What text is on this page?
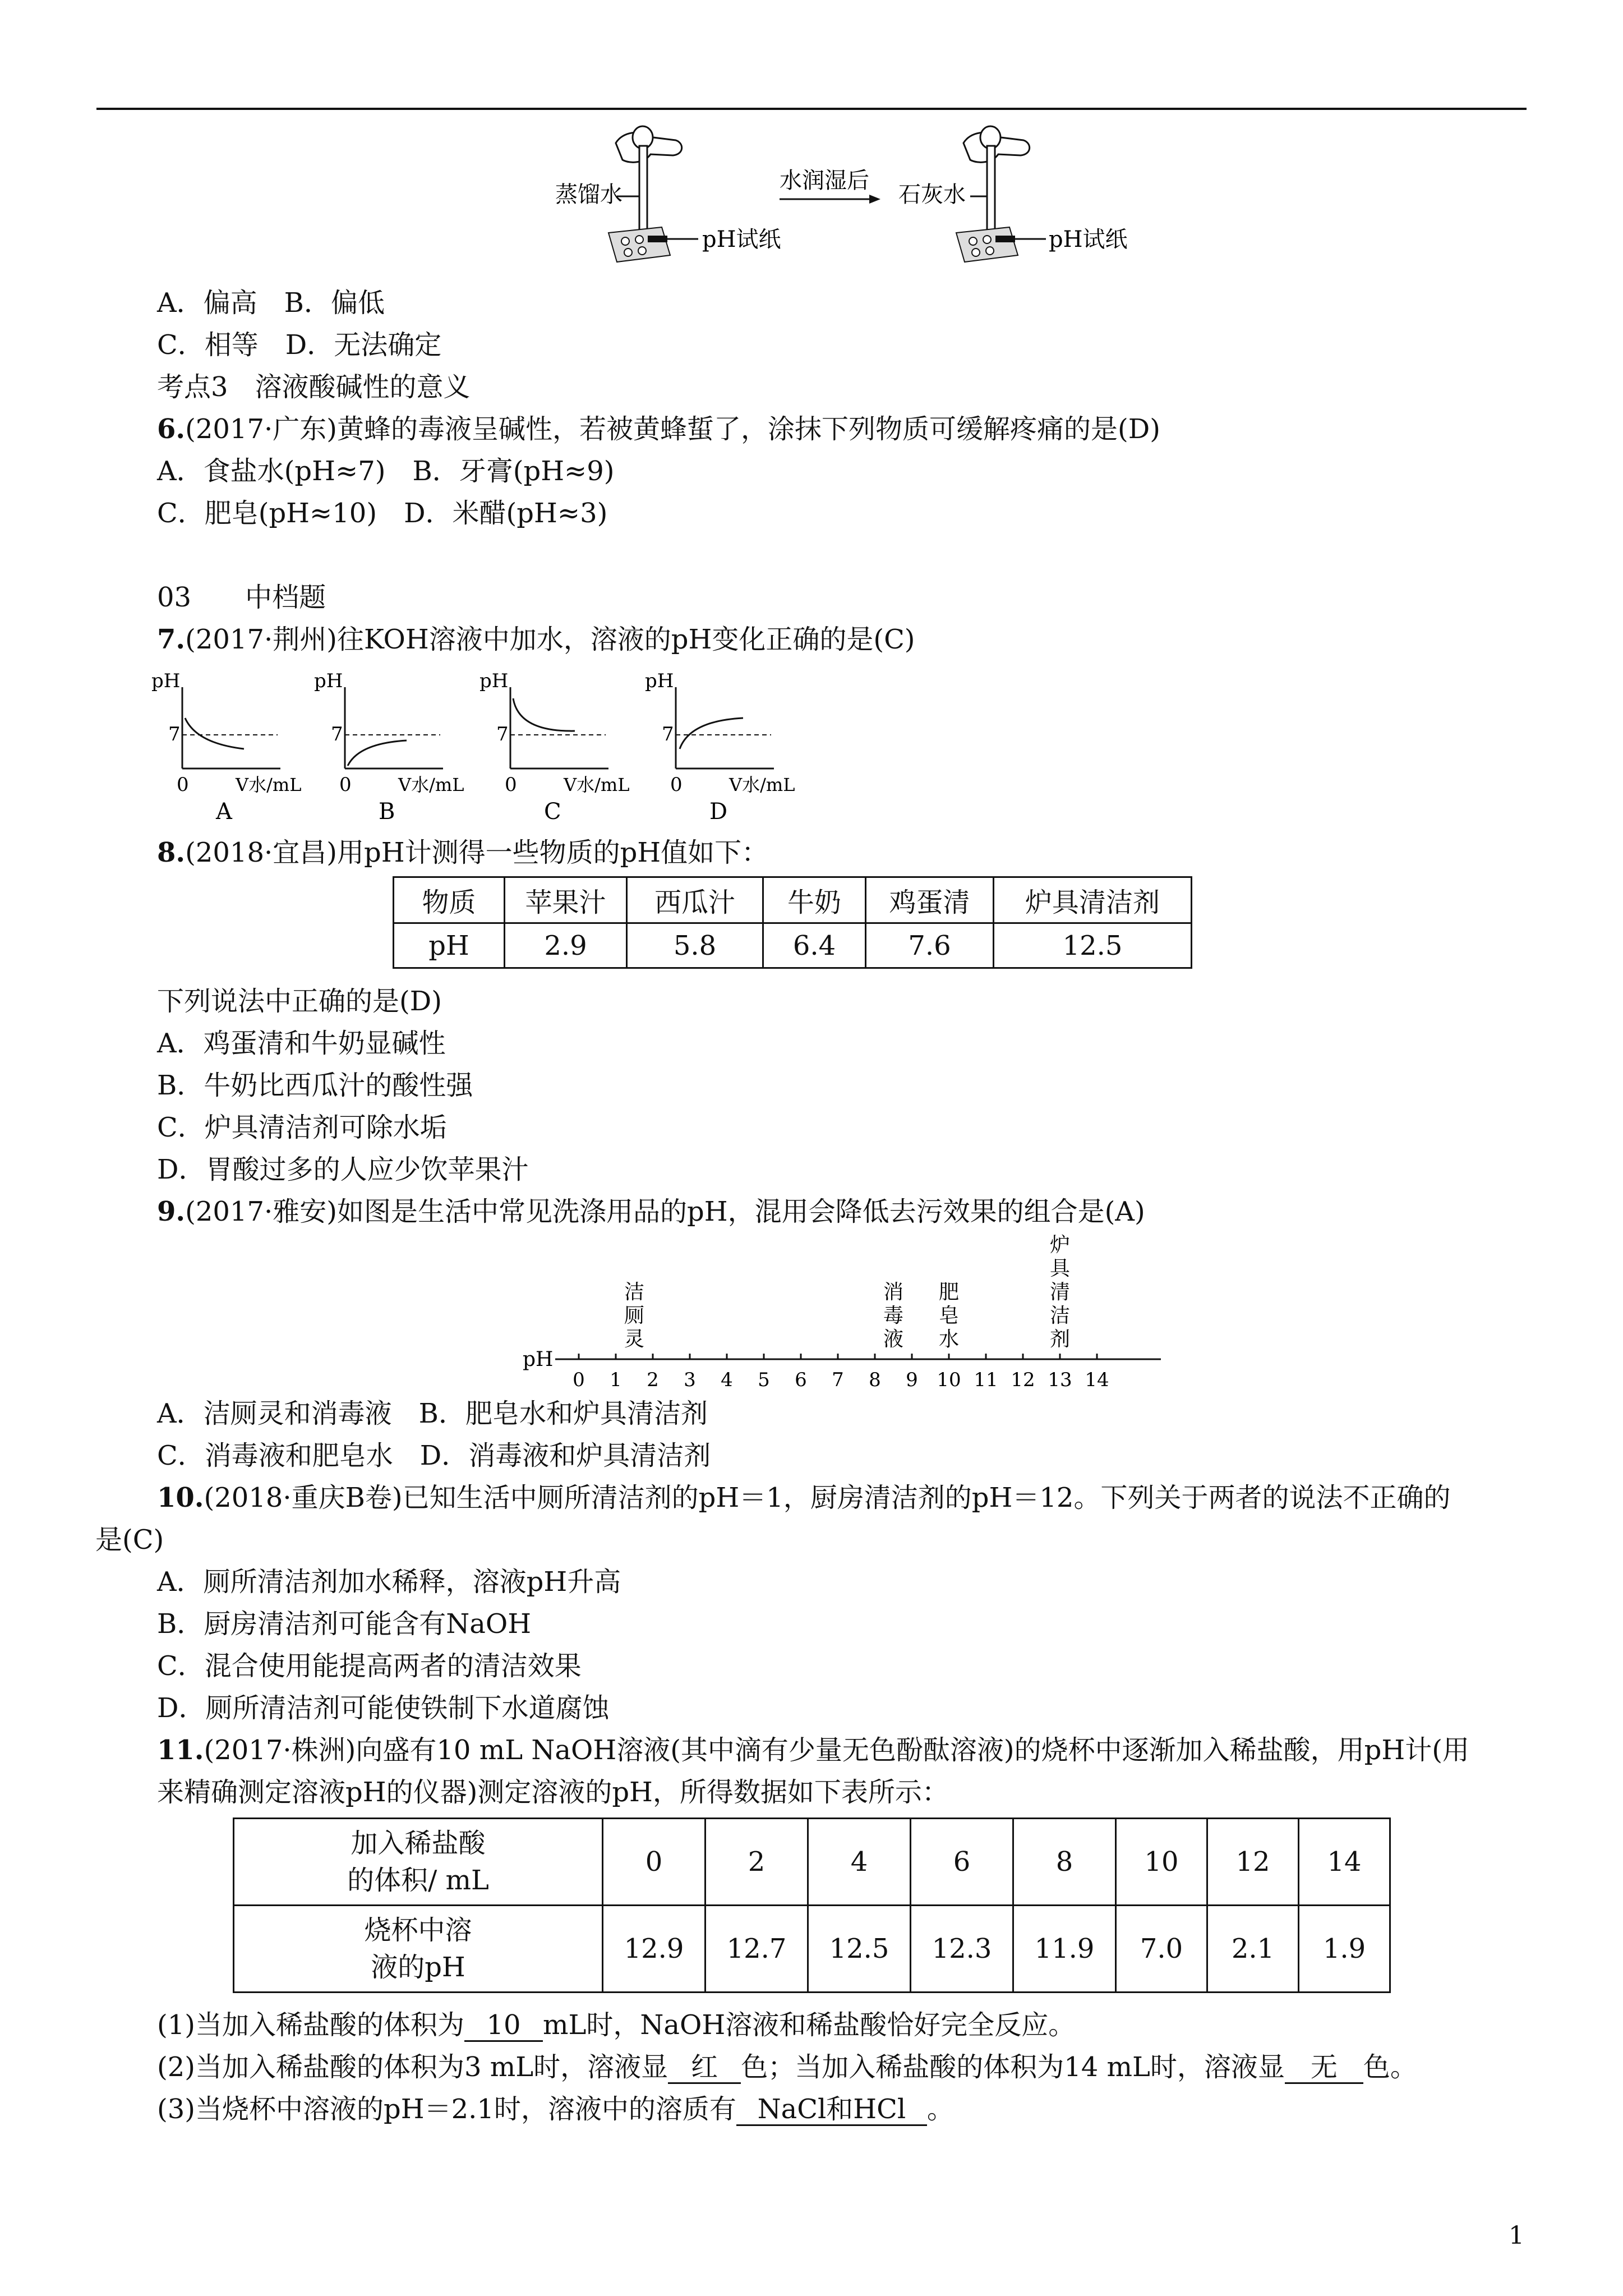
蒸馏水
pH试纸
水润湿后
石灰水
pH试纸
A．偏高　B．偏低
C．相等　D．无法确定
考点3　溶液酸碱性的意义
6.(2017·广东)黄蜂的毒液呈碱性，若被黄蜂蜇了，涂抹下列物质可缓解疼痛的是(D)
A．食盐水(pH≈7)　B．牙膏(pH≈9)
C．肥皂(pH≈10)　D．米醋(pH≈3)
03　　中档题
7.(2017·荆州)往KOH溶液中加水，溶液的pH变化正确的是(C)
pH
7
0	V水/mL
A
pH
7
0	V水/mL
B
pH
7
0	V水/mL
C
pH
7
0	V水/mL
D
8.(2018·宜昌)用pH计测得一些物质的pH值如下：
物质	苹果汁	西瓜汁	牛奶	鸡蛋清	炉具清洁剂
pH	2.9	5.8	6.4	7.6	12.5
下列说法中正确的是(D)
A．鸡蛋清和牛奶显碱性
B．牛奶比西瓜汁的酸性强
C．炉具清洁剂可除水垢
D．胃酸过多的人应少饮苹果汁
9.(2017·雅安)如图是生活中常见洗涤用品的pH，混用会降低去污效果的组合是(A)
pH
0 1 2 3 4 5 6 7 8 9 10 11 12 13 14
洁
厕
灵
消
毒
液
肥
皂
水
炉
具
清
洁
剂
A．洁厕灵和消毒液　B．肥皂水和炉具清洁剂
C．消毒液和肥皂水　D．消毒液和炉具清洁剂
10.(2018·重庆B卷)已知生活中厕所清洁剂的pH＝1，厨房清洁剂的pH＝12。下列关于两者的说法不正确的
是(C)
A．厕所清洁剂加水稀释，溶液pH升高
B．厨房清洁剂可能含有NaOH
C．混合使用能提高两者的清洁效果
D．厕所清洁剂可能使铁制下水道腐蚀
11.(2017·株洲)向盛有10 mL NaOH溶液(其中滴有少量无色酚酞溶液)的烧杯中逐渐加入稀盐酸，用pH计(用
来精确测定溶液pH的仪器)测定溶液的pH，所得数据如下表所示：
加入稀盐酸
的体积/ mL	0	2	4	6	8	10	12	14

烧杯中溶
液的pH	12.9	12.7	12.5	12.3	11.9	7.0	2.1	1.9
(1)当加入稀盐酸的体积为 10 mL时，NaOH溶液和稀盐酸恰好完全反应。
(2)当加入稀盐酸的体积为3 mL时，溶液显 红 色；当加入稀盐酸的体积为14 mL时，溶液显 无 色。
(3)当烧杯中溶液的pH＝2.1时，溶液中的溶质有 NaCl和HCl 。
1
